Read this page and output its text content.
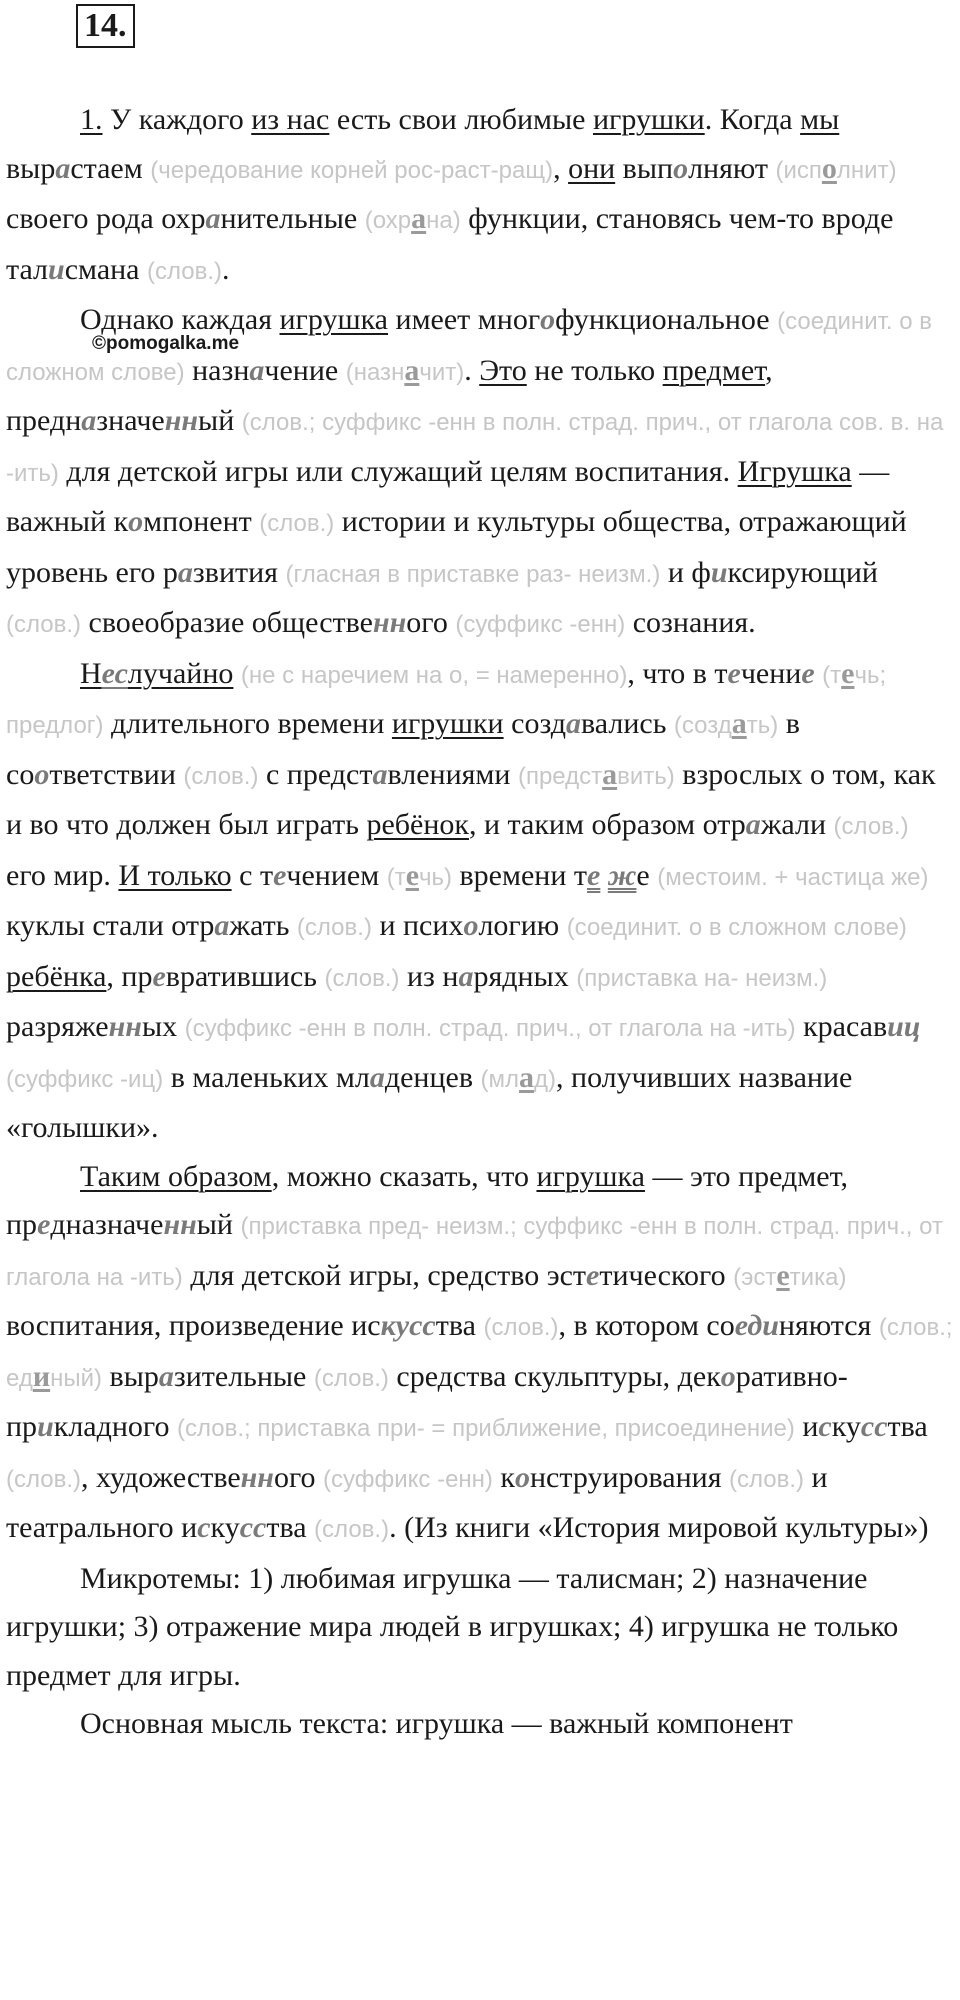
14.
©pomogalka.me

1. У каждого из нас есть свои любимые игрушки. Когда мы вырастаем (чередование корней рос-раст-ращ), они выполняют (исполнит) своего рода охранительные (охрана) функции, становясь чем-то вроде талисмана (слов.).

Однако каждая игрушка имеет многофункциональное (соединит. о в сложном слове) назначение (назначит). Это не только предмет, предназначенный (слов.; суффикс -енн в полн. страд. прич., от глагола сов. в. на -ить) для детской игры или служащий целям воспитания. Игрушка — важный компонент (слов.) истории и культуры общества, отражающий уровень его развития (гласная в приставке раз- неизм.) и фиксирующий (слов.) своеобразие общественного (суффикс -енн) сознания.

Неслучайно (не с наречием на о, = намеренно), что в течение (течь; предлог) длительного времени игрушки создавались (создать) в соответствии (слов.) с представлениями (представить) взрослых о том, как и во что должен был играть ребёнок, и таким образом отражали (слов.) его мир. И только с течением (течь) времени те же (местоим. + частица же) куклы стали отражать (слов.) и психологию (соединит. о в сложном слове) ребёнка, превратившись (слов.) из нарядных (приставка на- неизм.) разряженных (суффикс -енн в полн. страд. прич., от глагола на -ить) красавиц (суффикс -иц) в маленьких младенцев (млад), получивших название «голышки».

Таким образом, можно сказать, что игрушка — это предмет, предназначенный (приставка пред- неизм.; суффикс -енн в полн. страд. прич., от глагола на -ить) для детской игры, средство эстетического (эстетика) воспитания, произведение искусства (слов.), в котором соединяются (слов.; единый) выразительные (слов.) средства скульптуры, декоративно-прикладного (слов.; приставка при- = приближение, присоединение) искусства (слов.), художественного (суффикс -енн) конструирования (слов.) и театрального искусства (слов.). (Из книги «История мировой культуры»)

Микротемы: 1) любимая игрушка — талисман; 2) назначение игрушки; 3) отражение мира людей в игрушках; 4) игрушка не только предмет для игры.

Основная мысль текста: игрушка — важный компонент
